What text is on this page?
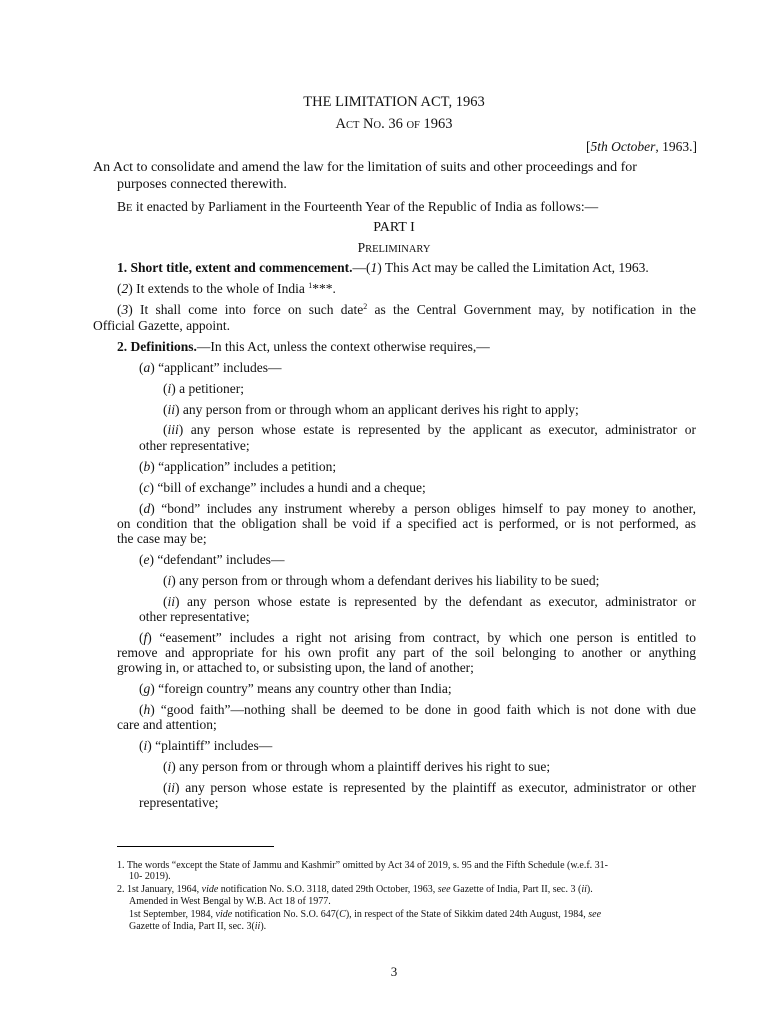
THE LIMITATION ACT, 1963
ACT NO. 36 OF 1963
[5th October, 1963.]
An Act to consolidate and amend the law for the limitation of suits and other proceedings and for
purposes connected therewith.
BE it enacted by Parliament in the Fourteenth Year of the Republic of India as follows:—
PART I
PRELIMINARY
1. Short title, extent and commencement.—(1) This Act may be called the Limitation Act, 1963.
(2) It extends to the whole of India $^1$***.
(3) It shall come into force on such date$^2$ as the Central Government may, by notification in the
Official Gazette, appoint.
2. Definitions.—In this Act, unless the context otherwise requires,—
(a) “applicant” includes—
(i) a petitioner;
(ii) any person from or through whom an applicant derives his right to apply;
(iii) any person whose estate is represented by the applicant as executor, administrator or
other representative;
(b) “application” includes a petition;
(c) “bill of exchange” includes a hundi and a cheque;
(d) “bond” includes any instrument whereby a person obliges himself to pay money to another,
on condition that the obligation shall be void if a specified act is performed, or is not performed, as
the case may be;
(e) “defendant” includes—
(i) any person from or through whom a defendant derives his liability to be sued;
(ii) any person whose estate is represented by the defendant as executor, administrator or
other representative;
(f) “easement” includes a right not arising from contract, by which one person is entitled to
remove and appropriate for his own profit any part of the soil belonging to another or anything
growing in, or attached to, or subsisting upon, the land of another;
(g) “foreign country” means any country other than India;
(h) “good faith”—nothing shall be deemed to be done in good faith which is not done with due
care and attention;
(i) “plaintiff” includes—
(i) any person from or through whom a plaintiff derives his right to sue;
(ii) any person whose estate is represented by the plaintiff as executor, administrator or other
representative;
1. The words “except the State of Jammu and Kashmir” omitted by Act 34 of 2019, s. 95 and the Fifth Schedule (w.e.f. 31-
10- 2019).
2. 1st January, 1964, vide notification No. S.O. 3118, dated 29th October, 1963, see Gazette of India, Part II, sec. 3 (ii).
Amended in West Bengal by W.B. Act 18 of 1977.
1st September, 1984, vide notification No. S.O. 647(C), in respect of the State of Sikkim dated 24th August, 1984, see
Gazette of India, Part II, sec. 3(ii).
3
